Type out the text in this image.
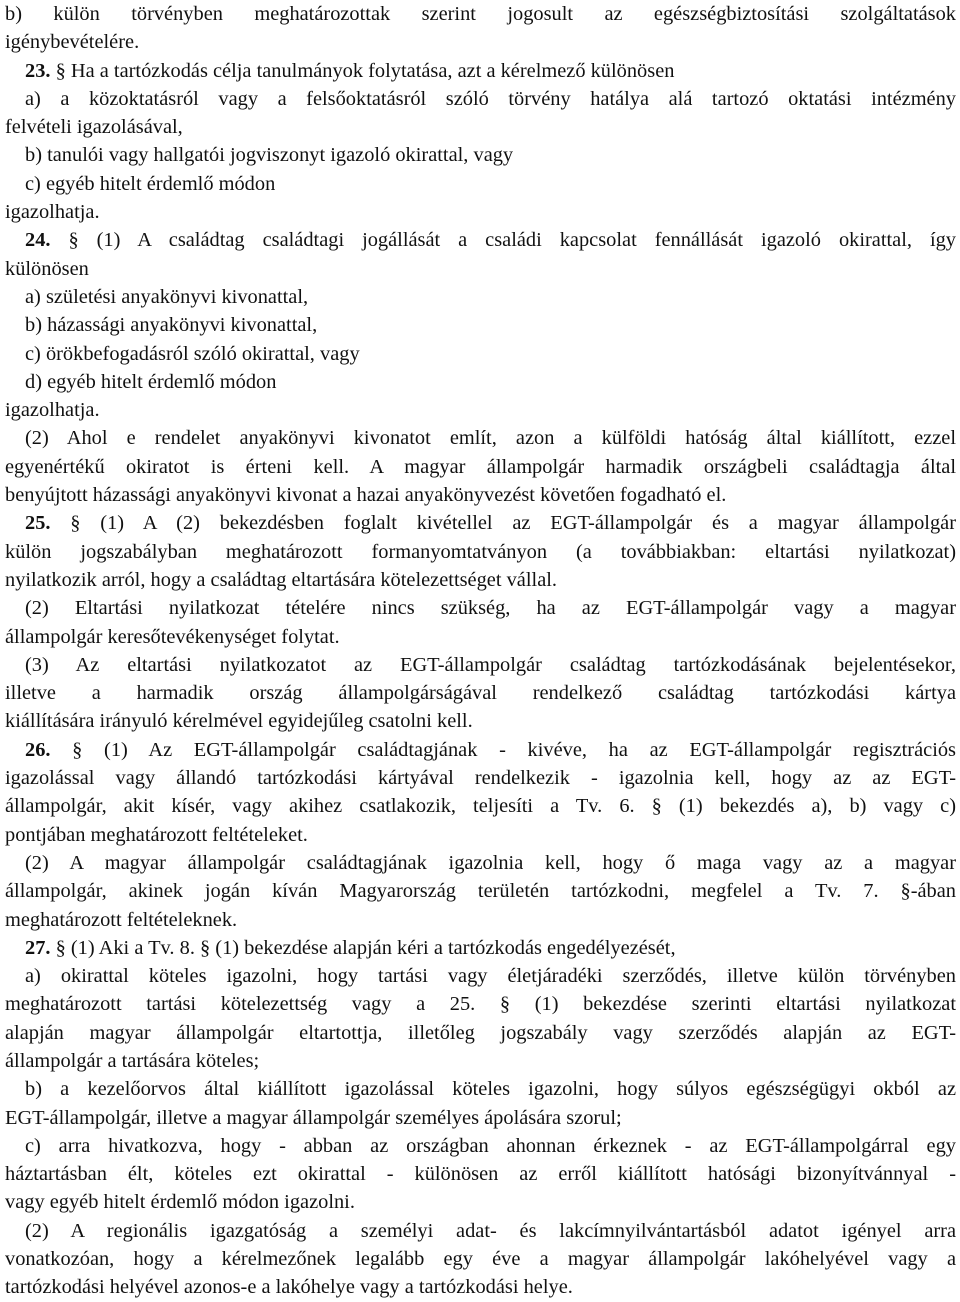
b) külön törvényben meghatározottak szerint jogosult az egészségbiztosítási szolgáltatások
igénybevételére.
23. § Ha a tartózkodás célja tanulmányok folytatása, azt a kérelmező különösen
a) a közoktatásról vagy a felsőoktatásról szóló törvény hatálya alá tartozó oktatási intézmény
felvételi igazolásával,
b) tanulói vagy hallgatói jogviszonyt igazoló okirattal, vagy
c) egyéb hitelt érdemlő módon
igazolhatja.
24. § (1) A családtag családtagi jogállását a családi kapcsolat fennállását igazoló okirattal, így
különösen
a) születési anyakönyvi kivonattal,
b) házassági anyakönyvi kivonattal,
c) örökbefogadásról szóló okirattal, vagy
d) egyéb hitelt érdemlő módon
igazolhatja.
(2) Ahol e rendelet anyakönyvi kivonatot említ, azon a külföldi hatóság által kiállított, ezzel
egyenértékű okiratot is érteni kell. A magyar állampolgár harmadik országbeli családtagja által
benyújtott házassági anyakönyvi kivonat a hazai anyakönyvezést követően fogadható el.
25. § (1) A (2) bekezdésben foglalt kivétellel az EGT-állampolgár és a magyar állampolgár
külön jogszabályban meghatározott formanyomtatványon (a továbbiakban: eltartási nyilatkozat)
nyilatkozik arról, hogy a családtag eltartására kötelezettséget vállal.
(2) Eltartási nyilatkozat tételére nincs szükség, ha az EGT-állampolgár vagy a magyar
állampolgár keresőtevékenységet folytat.
(3) Az eltartási nyilatkozatot az EGT-állampolgár családtag tartózkodásának bejelentésekor,
illetve a harmadik ország állampolgárságával rendelkező családtag tartózkodási kártya
kiállítására irányuló kérelmével egyidejűleg csatolni kell.
26. § (1) Az EGT-állampolgár családtagjának - kivéve, ha az EGT-állampolgár regisztrációs
igazolással vagy állandó tartózkodási kártyával rendelkezik - igazolnia kell, hogy az az EGT-
állampolgár, akit kísér, vagy akihez csatlakozik, teljesíti a Tv. 6. § (1) bekezdés a), b) vagy c)
pontjában meghatározott feltételeket.
(2) A magyar állampolgár családtagjának igazolnia kell, hogy ő maga vagy az a magyar
állampolgár, akinek jogán kíván Magyarország területén tartózkodni, megfelel a Tv. 7. §-ában
meghatározott feltételeknek.
27. § (1) Aki a Tv. 8. § (1) bekezdése alapján kéri a tartózkodás engedélyezését,
a) okirattal köteles igazolni, hogy tartási vagy életjáradéki szerződés, illetve külön törvényben
meghatározott tartási kötelezettség vagy a 25. § (1) bekezdése szerinti eltartási nyilatkozat
alapján magyar állampolgár eltartottja, illetőleg jogszabály vagy szerződés alapján az EGT-
állampolgár a tartására köteles;
b) a kezelőorvos által kiállított igazolással köteles igazolni, hogy súlyos egészségügyi okból az
EGT-állampolgár, illetve a magyar állampolgár személyes ápolására szorul;
c) arra hivatkozva, hogy - abban az országban ahonnan érkeznek - az EGT-állampolgárral egy
háztartásban élt, köteles ezt okirattal - különösen az erről kiállított hatósági bizonyítvánnyal -
vagy egyéb hitelt érdemlő módon igazolni.
(2) A regionális igazgatóság a személyi adat- és lakcímnyilvántartásból adatot igényel arra
vonatkozóan, hogy a kérelmezőnek legalább egy éve a magyar állampolgár lakóhelyével vagy a
tartózkodási helyével azonos-e a lakóhelye vagy a tartózkodási helye.
